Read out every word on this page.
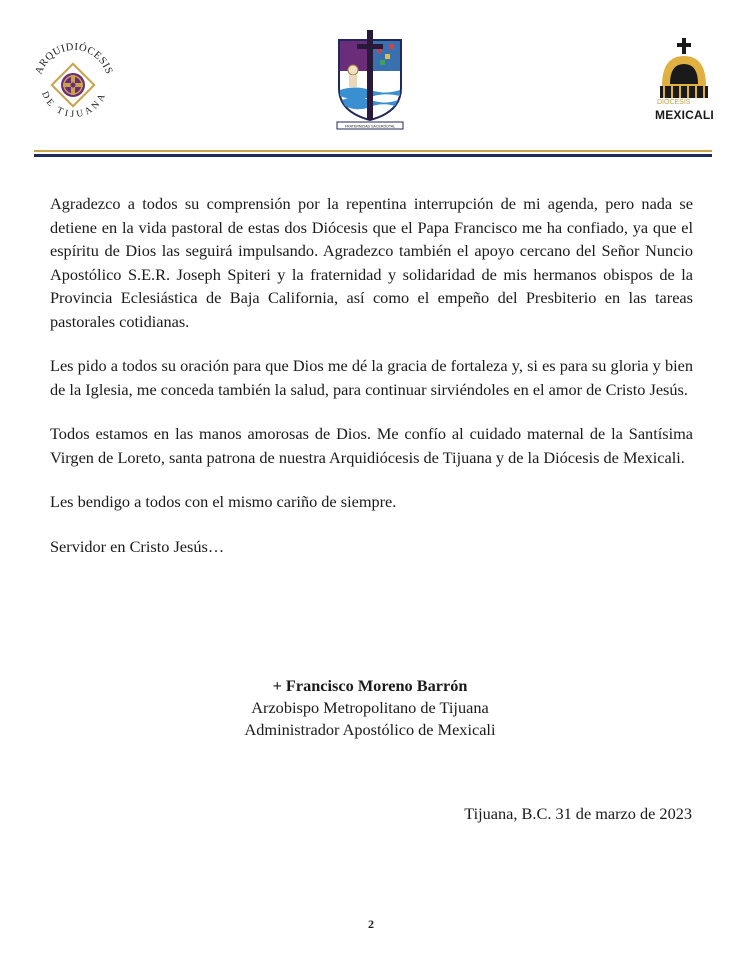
ARQUIDIÓCESIS
DE TIJUANA
FRATERNIDAD SACERDOTAL
DIÓCESIS
MEXICALI

Agradezco a todos su comprensión por la repentina interrupción de mi agenda, pero nada se detiene en la vida pastoral de estas dos Diócesis que el Papa Francisco me ha confiado, ya que el espíritu de Dios las seguirá impulsando. Agradezco también el apoyo cercano del Señor Nuncio Apostólico S.E.R. Joseph Spiteri y la fraternidad y solidaridad de mis hermanos obispos de la Provincia Eclesiástica de Baja California, así como el empeño del Presbiterio en las tareas pastorales cotidianas.

Les pido a todos su oración para que Dios me dé la gracia de fortaleza y, si es para su gloria y bien de la Iglesia, me conceda también la salud, para continuar sirviéndoles en el amor de Cristo Jesús.

Todos estamos en las manos amorosas de Dios. Me confío al cuidado maternal de la Santísima Virgen de Loreto, santa patrona de nuestra Arquidiócesis de Tijuana y de la Diócesis de Mexicali.

Les bendigo a todos con el mismo cariño de siempre.

Servidor en Cristo Jesús…

+ Francisco Moreno Barrón
Arzobispo Metropolitano de Tijuana
Administrador Apostólico de Mexicali
Tijuana, B.C. 31 de marzo de 2023
2
